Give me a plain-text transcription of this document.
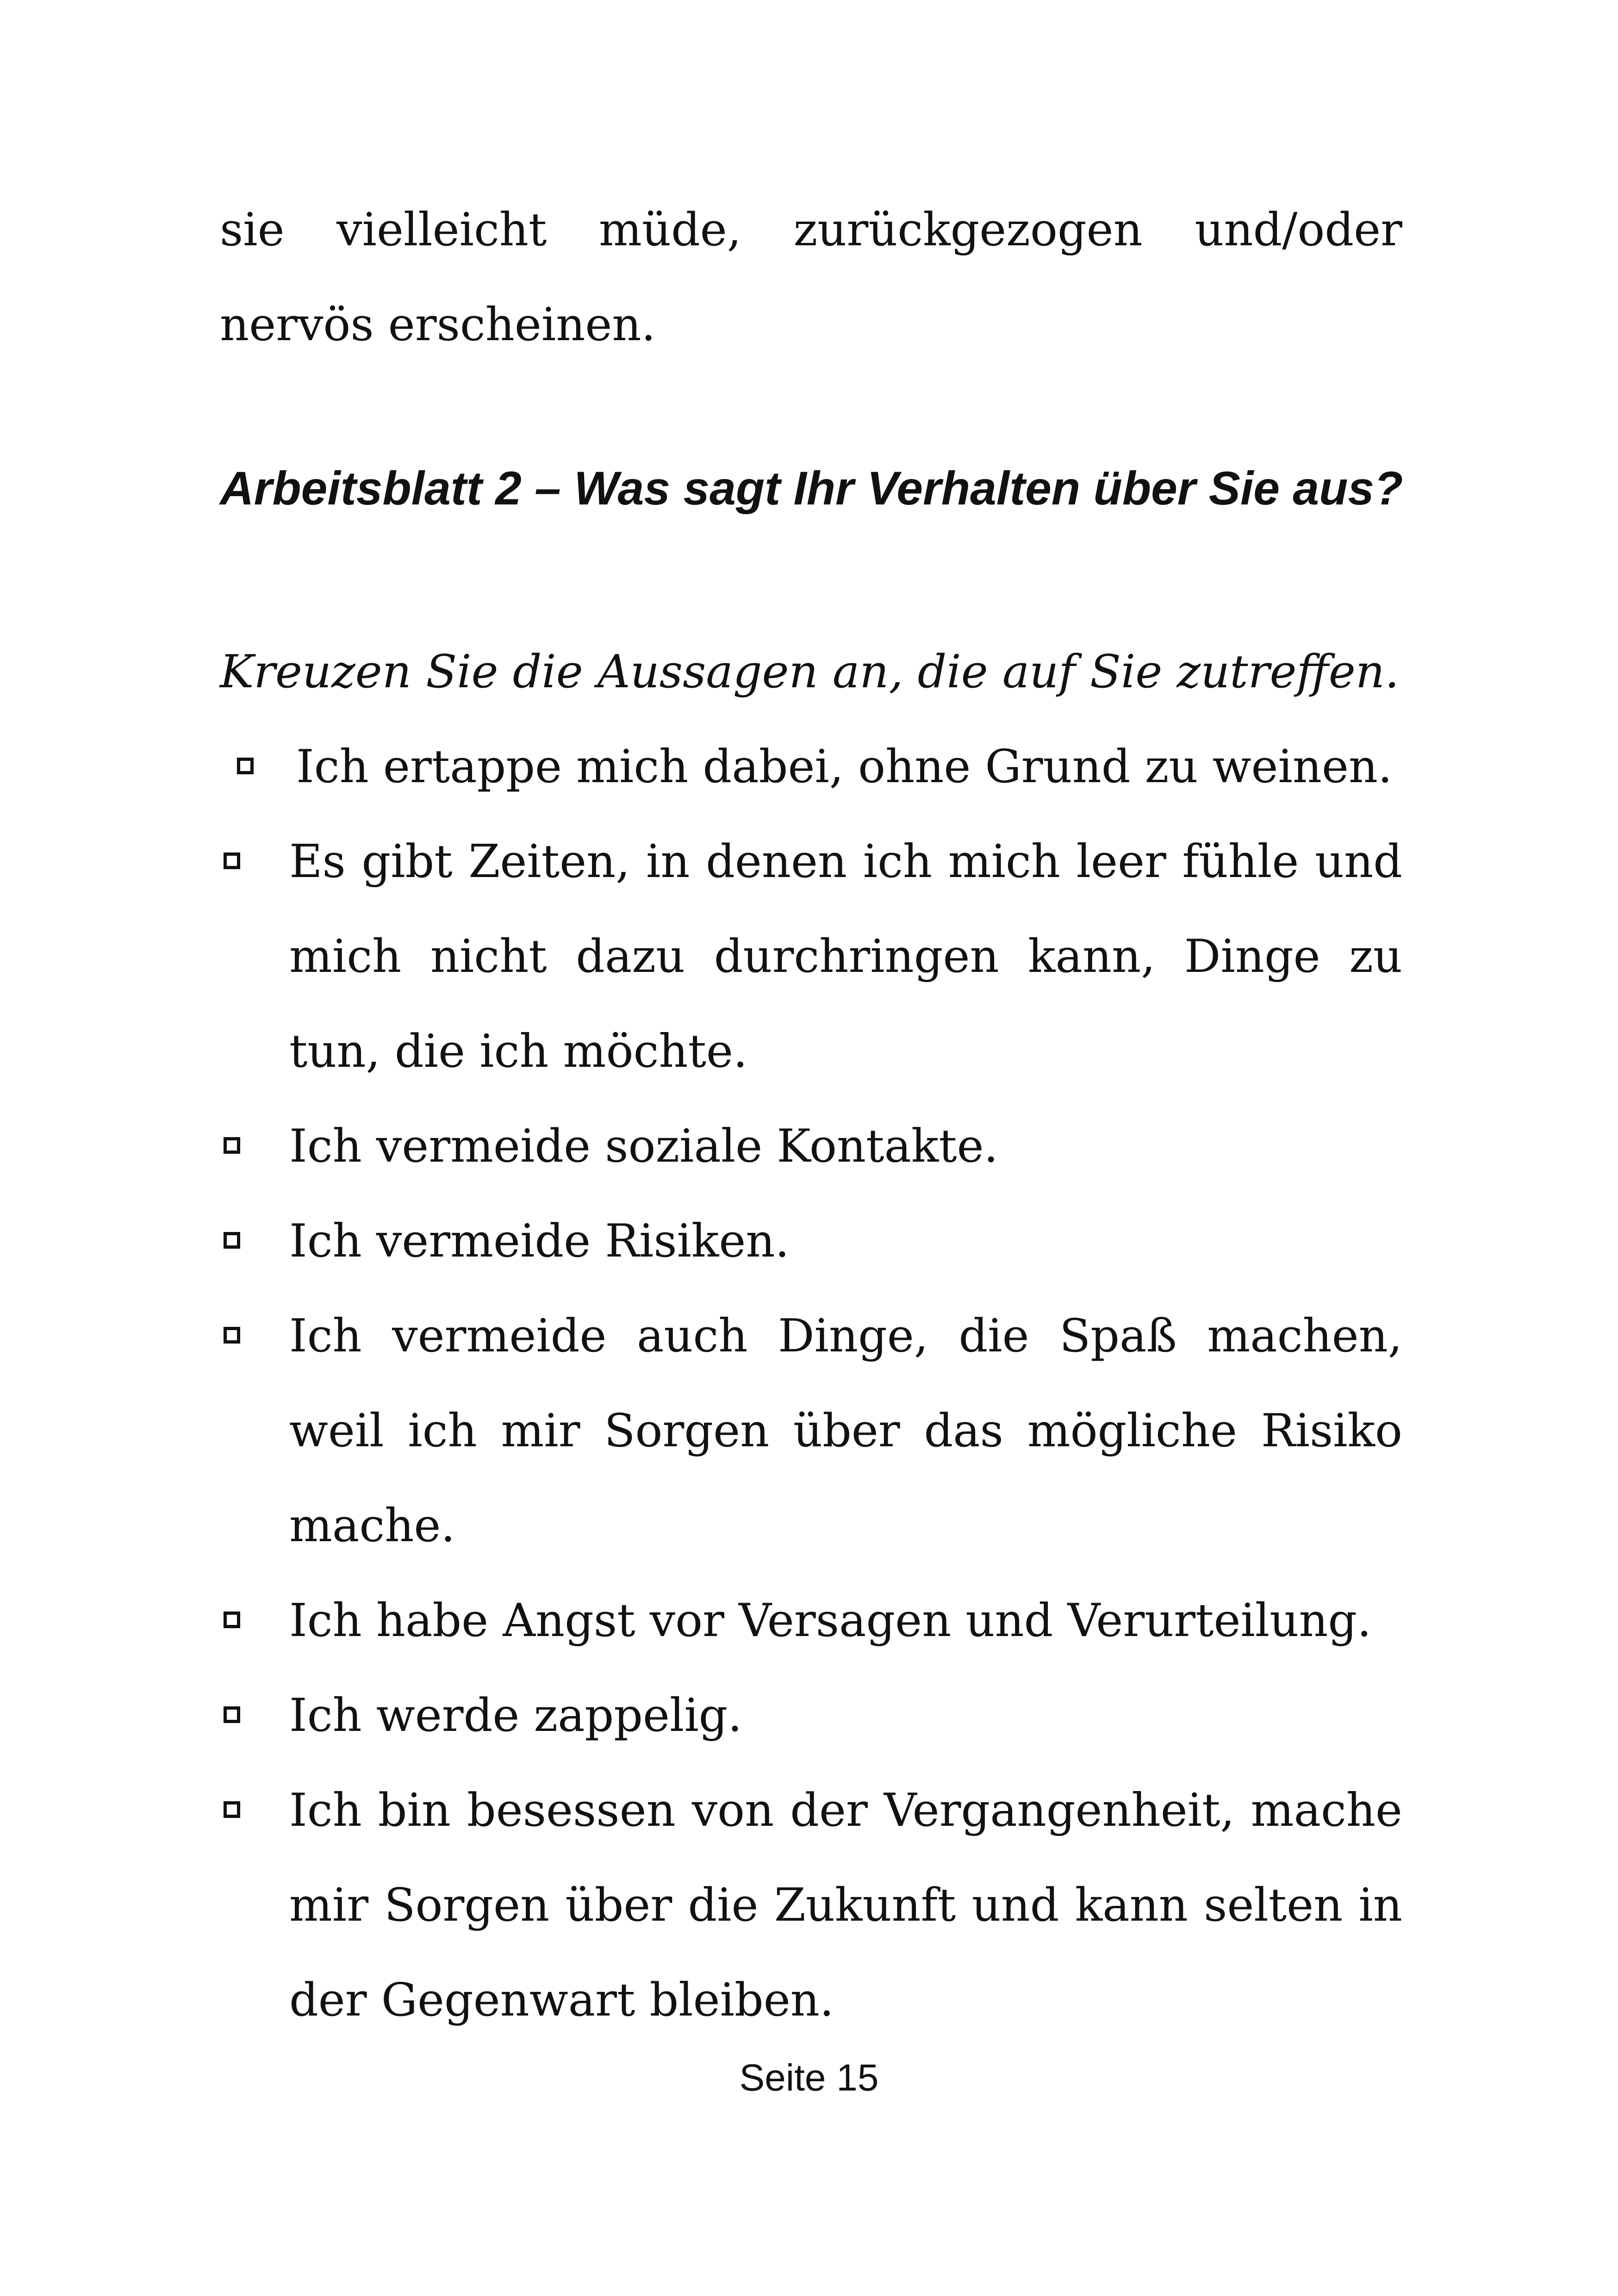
sie vielleicht müde, zurückgezogen und/oder nervös erscheinen.

Arbeitsblatt 2 – Was sagt Ihr Verhalten über Sie aus?

Kreuzen Sie die Aussagen an, die auf Sie zutreffen.

Ich ertappe mich dabei, ohne Grund zu weinen.
Es gibt Zeiten, in denen ich mich leer fühle und mich nicht dazu durchringen kann, Dinge zu tun, die ich möchte.
Ich vermeide soziale Kontakte.
Ich vermeide Risiken.
Ich vermeide auch Dinge, die Spaß machen, weil ich mir Sorgen über das mögliche Risiko mache.
Ich habe Angst vor Versagen und Verurteilung.
Ich werde zappelig.
Ich bin besessen von der Vergangenheit, mache mir Sorgen über die Zukunft und kann selten in der Gegenwart bleiben.

Seite 15
